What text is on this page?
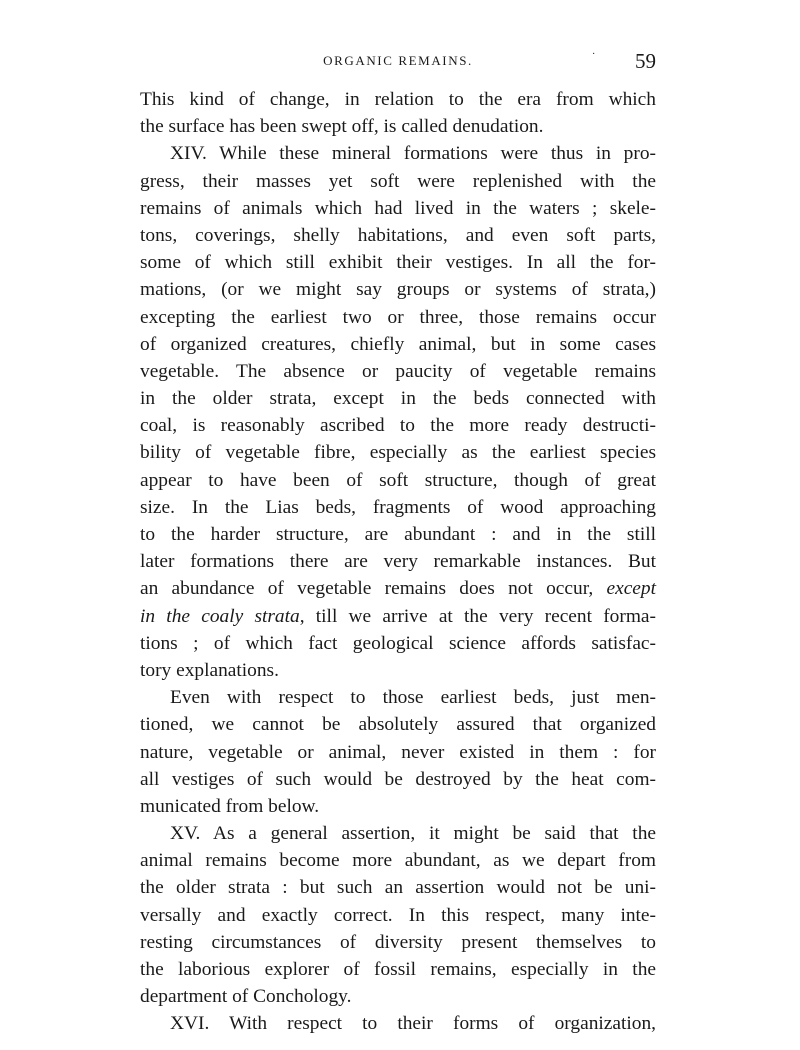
ORGANIC REMAINS.	· 59
This kind of change, in relation to the era from which
the surface has been swept off, is called denudation.
XIV. While these mineral formations were thus in pro-
gress, their masses yet soft were replenished with the
remains of animals which had lived in the waters ; skele-
tons, coverings, shelly habitations, and even soft parts,
some of which still exhibit their vestiges. In all the for-
mations, (or we might say groups or systems of strata,)
excepting the earliest two or three, those remains occur
of organized creatures, chiefly animal, but in some cases
vegetable. The absence or paucity of vegetable remains
in the older strata, except in the beds connected with
coal, is reasonably ascribed to the more ready destructi-
bility of vegetable fibre, especially as the earliest species
appear to have been of soft structure, though of great
size. In the Lias beds, fragments of wood approaching
to the harder structure, are abundant : and in the still
later formations there are very remarkable instances. But
an abundance of vegetable remains does not occur, except
in the coaly strata, till we arrive at the very recent forma-
tions ; of which fact geological science affords satisfac-
tory explanations.
Even with respect to those earliest beds, just men-
tioned, we cannot be absolutely assured that organized
nature, vegetable or animal, never existed in them : for
all vestiges of such would be destroyed by the heat com-
municated from below.
XV. As a general assertion, it might be said that the
animal remains become more abundant, as we depart from
the older strata : but such an assertion would not be uni-
versally and exactly correct. In this respect, many inte-
resting circumstances of diversity present themselves to
the laborious explorer of fossil remains, especially in the
department of Conchology.
XVI. With respect to their forms of organization,
